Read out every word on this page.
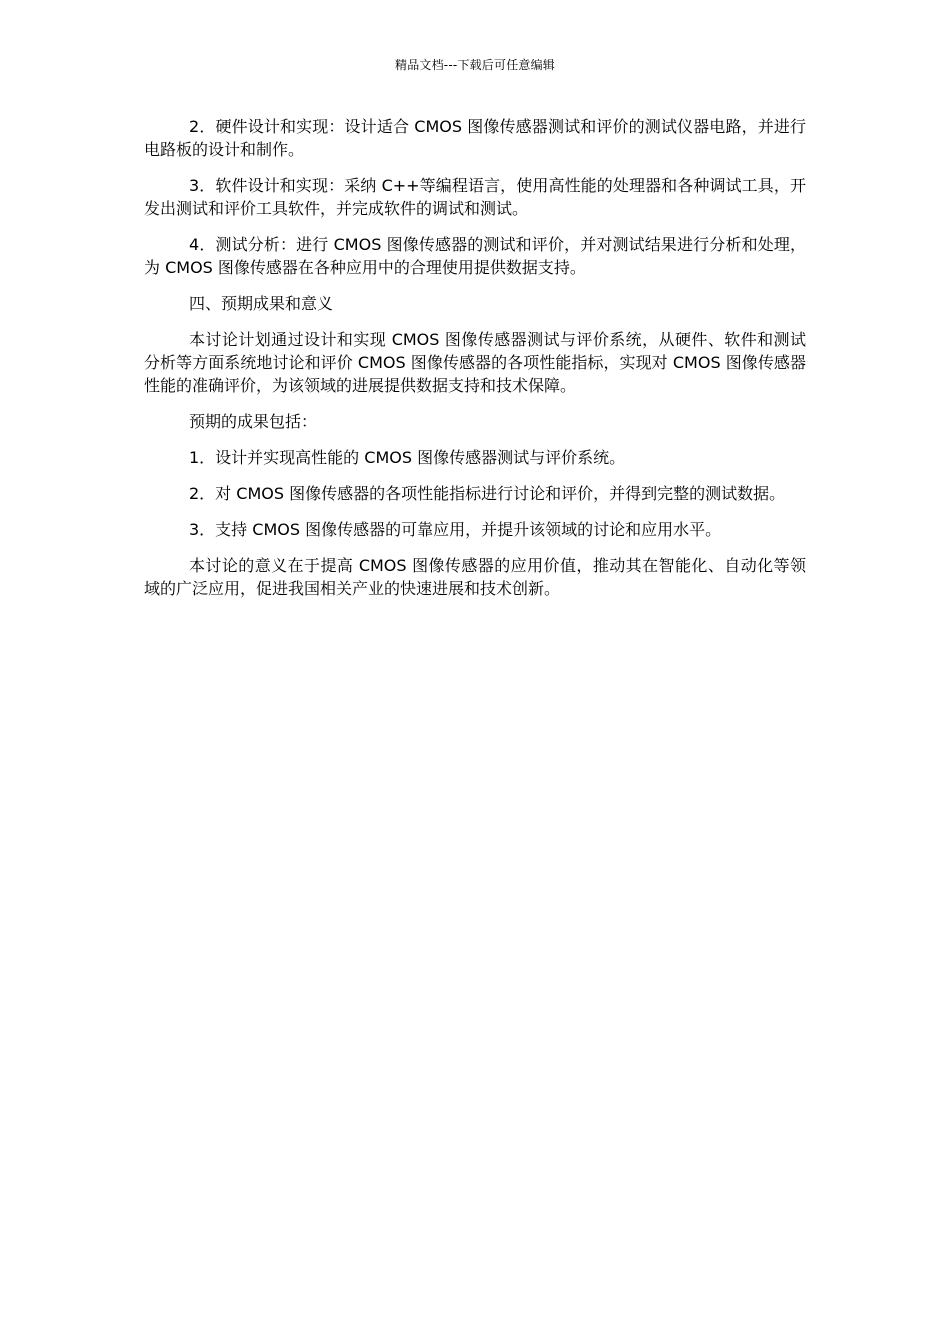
精品文档---下载后可任意编辑

2．硬件设计和实现：设计适合 CMOS 图像传感器测试和评价的测试仪器电路，并进行电路板的设计和制作。

3．软件设计和实现：采纳 C++等编程语言，使用高性能的处理器和各种调试工具，开发出测试和评价工具软件，并完成软件的调试和测试。

4．测试分析：进行 CMOS 图像传感器的测试和评价，并对测试结果进行分析和处理，为 CMOS 图像传感器在各种应用中的合理使用提供数据支持。

四、预期成果和意义

本讨论计划通过设计和实现 CMOS 图像传感器测试与评价系统，从硬件、软件和测试分析等方面系统地讨论和评价 CMOS 图像传感器的各项性能指标，实现对 CMOS 图像传感器性能的准确评价，为该领域的进展提供数据支持和技术保障。

预期的成果包括：

1．设计并实现高性能的 CMOS 图像传感器测试与评价系统。

2．对 CMOS 图像传感器的各项性能指标进行讨论和评价，并得到完整的测试数据。

3．支持 CMOS 图像传感器的可靠应用，并提升该领域的讨论和应用水平。

本讨论的意义在于提高 CMOS 图像传感器的应用价值，推动其在智能化、自动化等领域的广泛应用，促进我国相关产业的快速进展和技术创新。
